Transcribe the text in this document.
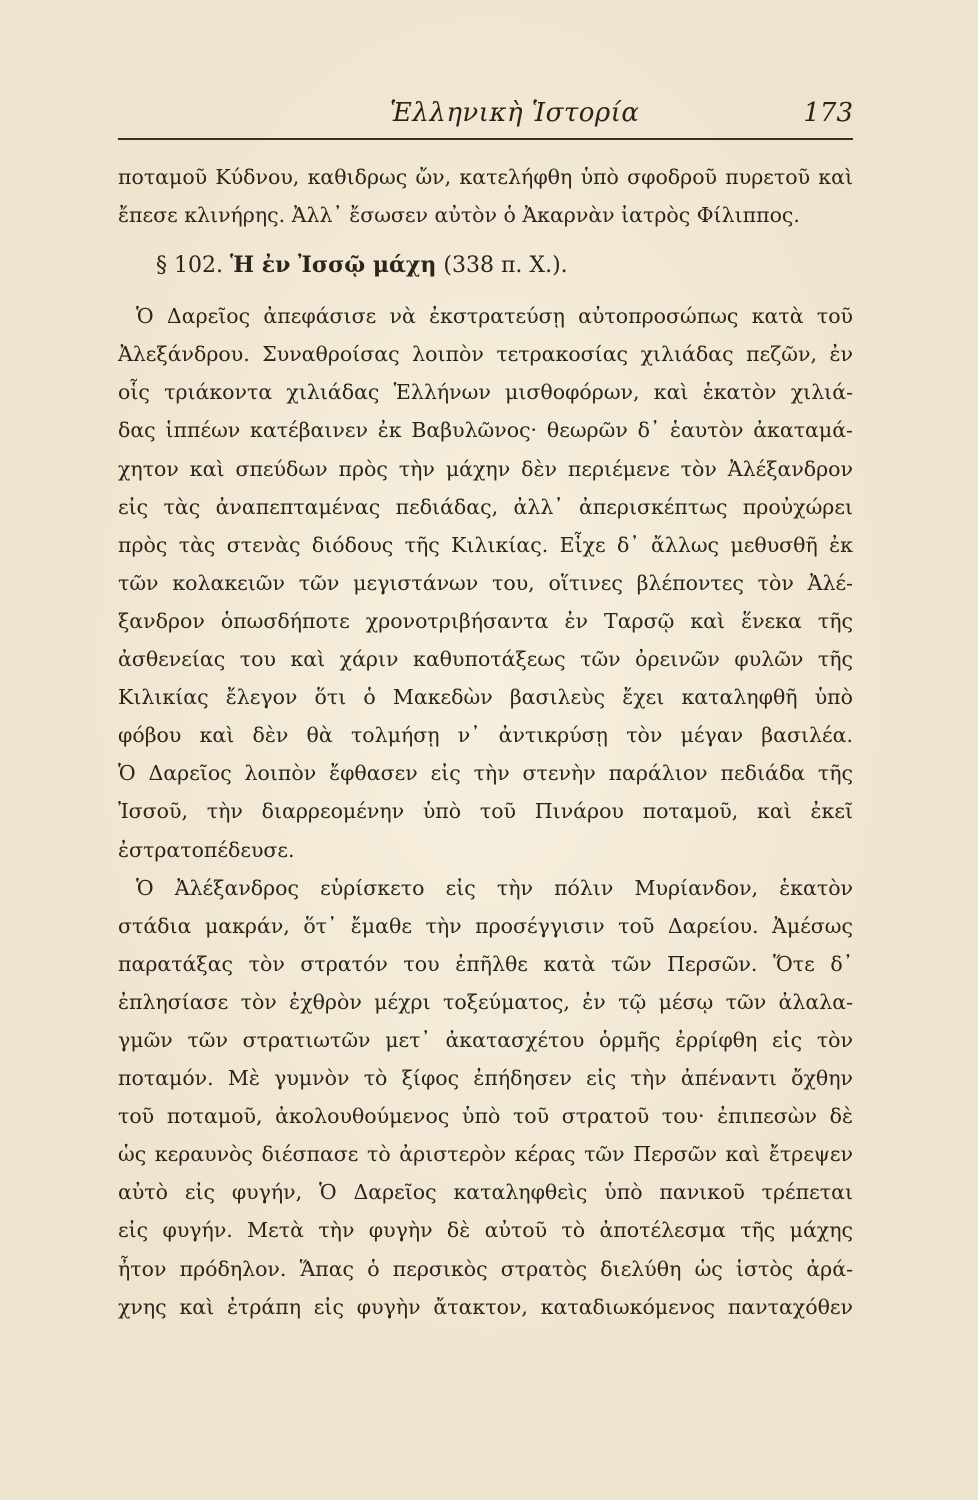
Ἑλληνικὴ Ἱστορία	173
ποταμοῦ Κύδνου, καθιδρως ὤν, κατελήφθη ὑπὸ σφοδροῦ πυρετοῦ καὶ
ἔπεσε κλινήρης. Ἀλλ᾽ ἔσωσεν αὐτὸν ὁ Ἀκαρνὰν ἰατρὸς Φίλιππος.
§ 102. Ἡ ἐν Ἰσσῷ μάχη (338 π. Χ.).
Ὁ Δαρεῖος ἀπεφάσισε νὰ ἐκστρατεύσῃ αὐτοπροσώπως κατὰ τοῦ
Ἀλεξάνδρου. Συναθροίσας λοιπὸν τετρακοσίας χιλιάδας πεζῶν, ἐν
οἷς τριάκοντα χιλιάδας Ἑλλήνων μισθοφόρων, καὶ ἑκατὸν χιλιά-
δας ἱππέων κατέβαινεν ἐκ Βαβυλῶνος· θεωρῶν δ᾽ ἑαυτὸν ἀκαταμά-
χητον καὶ σπεύδων πρὸς τὴν μάχην δὲν περιέμενε τὸν Ἀλέξανδρον
εἰς τὰς ἀναπεπταμένας πεδιάδας, ἀλλ᾽ ἀπερισκέπτως προὐχώρει
πρὸς τὰς στενὰς διόδους τῆς Κιλικίας. Εἶχε δ᾽ ἄλλως μεθυσθῆ ἐκ
τῶν κολακειῶν τῶν μεγιστάνων του, οἵτινες βλέποντες τὸν Ἀλέ-
ξανδρον ὁπωσδήποτε χρονοτριβήσαντα ἐν Ταρσῷ καὶ ἕνεκα τῆς
ἀσθενείας του καὶ χάριν καθυποτάξεως τῶν ὀρεινῶν φυλῶν τῆς
Κιλικίας ἔλεγον ὅτι ὁ Μακεδὼν βασιλεὺς ἔχει καταληφθῆ ὑπὸ
φόβου καὶ δὲν θὰ τολμήσῃ ν᾽ ἀντικρύσῃ τὸν μέγαν βασιλέα.
Ὁ Δαρεῖος λοιπὸν ἔφθασεν εἰς τὴν στενὴν παράλιον πεδιάδα τῆς
Ἰσσοῦ, τὴν διαρρεομένην ὑπὸ τοῦ Πινάρου ποταμοῦ, καὶ ἐκεῖ
ἐστρατοπέδευσε.
Ὁ Ἀλέξανδρος εὑρίσκετο εἰς τὴν πόλιν Μυρίανδον, ἑκατὸν
στάδια μακράν, ὅτ᾽ ἔμαθε τὴν προσέγγισιν τοῦ Δαρείου. Ἀμέσως
παρατάξας τὸν στρατόν του ἐπῆλθε κατὰ τῶν Περσῶν. Ὅτε δ᾽
ἐπλησίασε τὸν ἐχθρὸν μέχρι τοξεύματος, ἐν τῷ μέσῳ τῶν ἀλαλα-
γμῶν τῶν στρατιωτῶν μετ᾽ ἀκατασχέτου ὁρμῆς ἐρρίφθη εἰς τὸν
ποταμόν. Μὲ γυμνὸν τὸ ξίφος ἐπήδησεν εἰς τὴν ἀπέναντι ὄχθην
τοῦ ποταμοῦ, ἀκολουθούμενος ὑπὸ τοῦ στρατοῦ του· ἐπιπεσὼν δὲ
ὡς κεραυνὸς διέσπασε τὸ ἀριστερὸν κέρας τῶν Περσῶν καὶ ἔτρεψεν
αὐτὸ εἰς φυγήν, Ὁ Δαρεῖος καταληφθεὶς ὑπὸ πανικοῦ τρέπεται
εἰς φυγήν. Μετὰ τὴν φυγὴν δὲ αὐτοῦ τὸ ἀποτέλεσμα τῆς μάχης
ἦτον πρόδηλον. Ἅπας ὁ περσικὸς στρατὸς διελύθη ὡς ἱστὸς ἀρά-
χνης καὶ ἐτράπη εἰς φυγὴν ἄτακτον, καταδιωκόμενος πανταχόθεν
